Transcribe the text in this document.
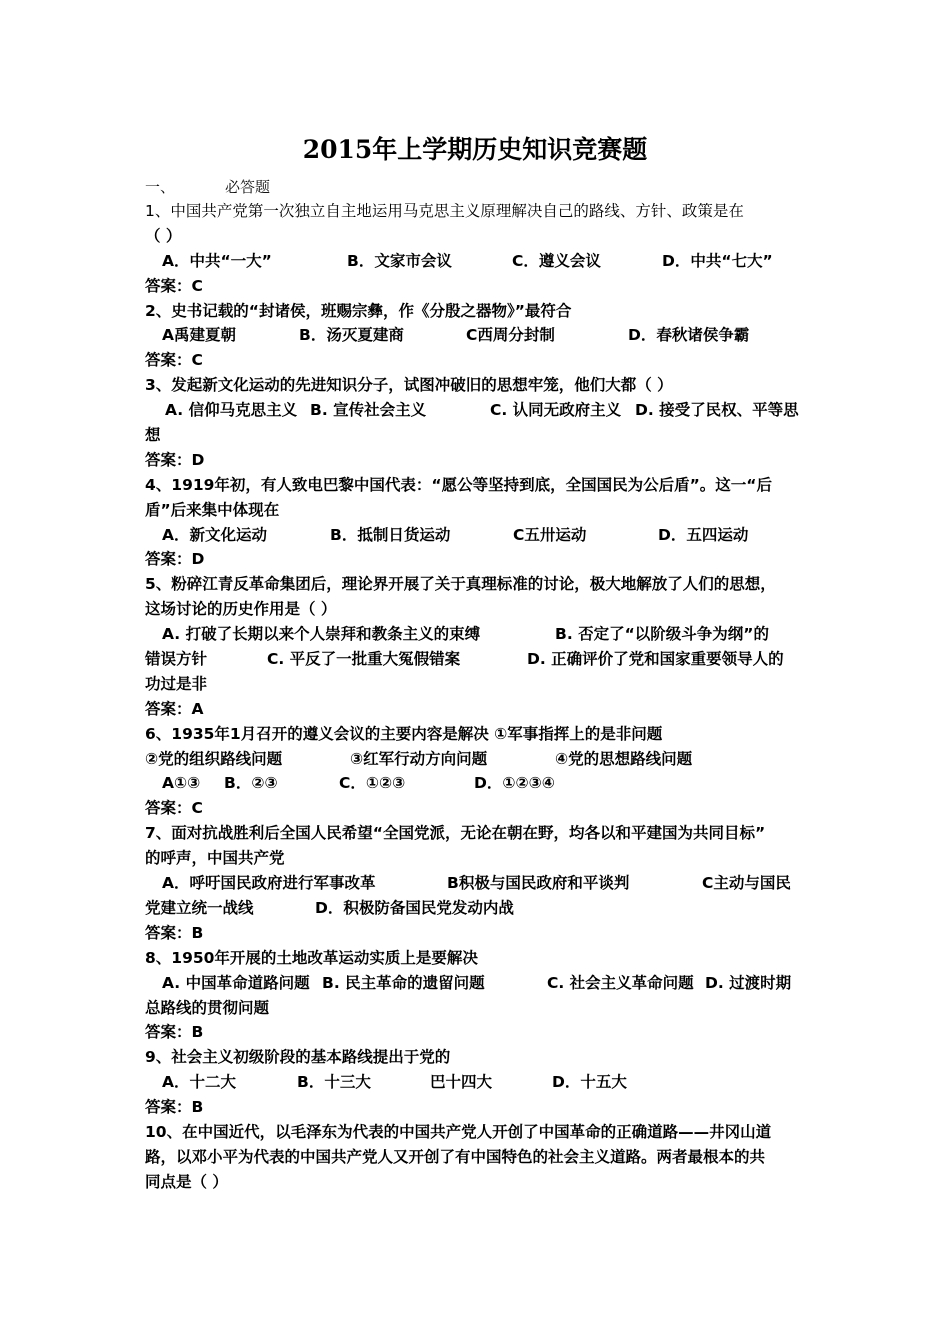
2015年上学期历史知识竞赛题
一、	必答题
1、中国共产党第一次独立自主地运用马克思主义原理解决自己的路线、方针、政策是在
（ ）
A．中共“一大”	B．文家市会议	C．遵义会议	D．中共“七大”
答案：C
2、史书记载的“封诸侯，班赐宗彝，作《分殷之器物》”最符合
A禹建夏朝	B．汤灭夏建商	C西周分封制	D．春秋诸侯争霸
答案：C
3、发起新文化运动的先进知识分子，试图冲破旧的思想牢笼，他们大都（ ）
A. 信仰马克思主义 B. 宣传社会主义	C. 认同无政府主义 D. 接受了民权、平等思
想
答案：D
4、1919年初，有人致电巴黎中国代表：“愿公等坚持到底，全国国民为公后盾”。这一“后
盾”后来集中体现在
A．新文化运动	B．抵制日货运动	C五卅运动	D．五四运动
答案：D
5、粉碎江青反革命集团后，理论界开展了关于真理标准的讨论，极大地解放了人们的思想，
这场讨论的历史作用是（ ）
A. 打破了长期以来个人崇拜和教条主义的束缚	B. 否定了“以阶级斗争为纲”的
错误方针	C. 平反了一批重大冤假错案	D. 正确评价了党和国家重要领导人的
功过是非
答案：A
6、1935年1月召开的遵义会议的主要内容是解决 ①军事指挥上的是非问题
②党的组织路线问题	③红军行动方向问题	④党的思想路线问题
A①③ B．②③	C．①②③	D．①②③④
答案：C
7、面对抗战胜利后全国人民希望“全国党派，无论在朝在野，均各以和平建国为共同目标”
的呼声，中国共产党
A．呼吁国民政府进行军事改革	B积极与国民政府和平谈判	C主动与国民
党建立统一战线	D．积极防备国民党发动内战
答案：B
8、1950年开展的土地改革运动实质上是要解决
A. 中国革命道路问题 B. 民主革命的遗留问题	C. 社会主义革命问题 D. 过渡时期
总路线的贯彻问题
答案：B
9、社会主义初级阶段的基本路线提出于党的
A．十二大	B．十三大	巴十四大	D．十五大
答案：B
10、在中国近代，以毛泽东为代表的中国共产党人开创了中国革命的正确道路——井冈山道
路，以邓小平为代表的中国共产党人又开创了有中国特色的社会主义道路。两者最根本的共
同点是（ ）
